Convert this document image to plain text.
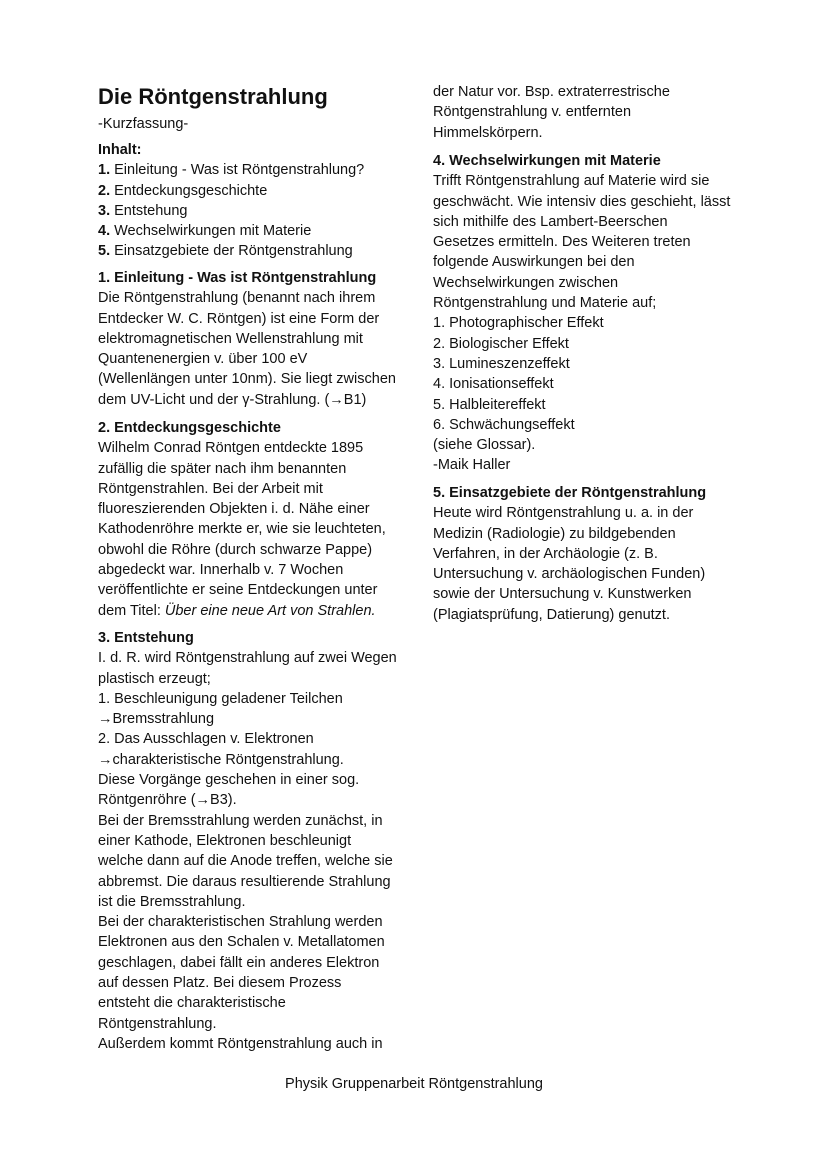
Die Röntgenstrahlung
-Kurzfassung-
Inhalt:
1. Einleitung - Was ist Röntgenstrahlung?
2. Entdeckungsgeschichte
3. Entstehung
4. Wechselwirkungen mit Materie
5. Einsatzgebiete der Röntgenstrahlung
1. Einleitung - Was ist Röntgenstrahlung
Die Röntgenstrahlung (benannt nach ihrem
Entdecker W. C. Röntgen) ist eine Form der
elektromagnetischen Wellenstrahlung mit
Quantenenergien v. über 100 eV
(Wellenlängen unter 10nm). Sie liegt zwischen
dem UV-Licht und der γ-Strahlung. (→B1)
2. Entdeckungsgeschichte
Wilhelm Conrad Röntgen entdeckte 1895
zufällig die später nach ihm benannten
Röntgenstrahlen. Bei der Arbeit mit
fluoreszierenden Objekten i. d. Nähe einer
Kathodenröhre merkte er, wie sie leuchteten,
obwohl die Röhre (durch schwarze Pappe)
abgedeckt war. Innerhalb v. 7 Wochen
veröffentlichte er seine Entdeckungen unter
dem Titel: Über eine neue Art von Strahlen.
3. Entstehung
I. d. R. wird Röntgenstrahlung auf zwei Wegen
plastisch erzeugt;
1. Beschleunigung geladener Teilchen
→Bremsstrahlung
2. Das Ausschlagen v. Elektronen
→charakteristische Röntgenstrahlung.
Diese Vorgänge geschehen in einer sog.
Röntgenröhre (→B3).
Bei der Bremsstrahlung werden zunächst, in
einer Kathode, Elektronen beschleunigt
welche dann auf die Anode treffen, welche sie
abbremst. Die daraus resultierende Strahlung
ist die Bremsstrahlung.
Bei der charakteristischen Strahlung werden
Elektronen aus den Schalen v. Metallatomen
geschlagen, dabei fällt ein anderes Elektron
auf dessen Platz. Bei diesem Prozess
entsteht die charakteristische
Röntgenstrahlung.
Außerdem kommt Röntgenstrahlung auch in
der Natur vor. Bsp. extraterrestrische
Röntgenstrahlung v. entfernten
Himmelskörpern.
4. Wechselwirkungen mit Materie
Trifft Röntgenstrahlung auf Materie wird sie
geschwächt. Wie intensiv dies geschieht, lässt
sich mithilfe des Lambert-Beerschen
Gesetzes ermitteln. Des Weiteren treten
folgende Auswirkungen bei den
Wechselwirkungen zwischen
Röntgenstrahlung und Materie auf;
1. Photographischer Effekt
2. Biologischer Effekt
3. Lumineszenzeffekt
4. Ionisationseffekt
5. Halbleitereffekt
6. Schwächungseffekt
(siehe Glossar).
-Maik Haller
5. Einsatzgebiete der Röntgenstrahlung
Heute wird Röntgenstrahlung u. a. in der
Medizin (Radiologie) zu bildgebenden
Verfahren, in der Archäologie (z. B.
Untersuchung v. archäologischen Funden)
sowie der Untersuchung v. Kunstwerken
(Plagiatsprüfung, Datierung) genutzt.
Physik Gruppenarbeit Röntgenstrahlung
